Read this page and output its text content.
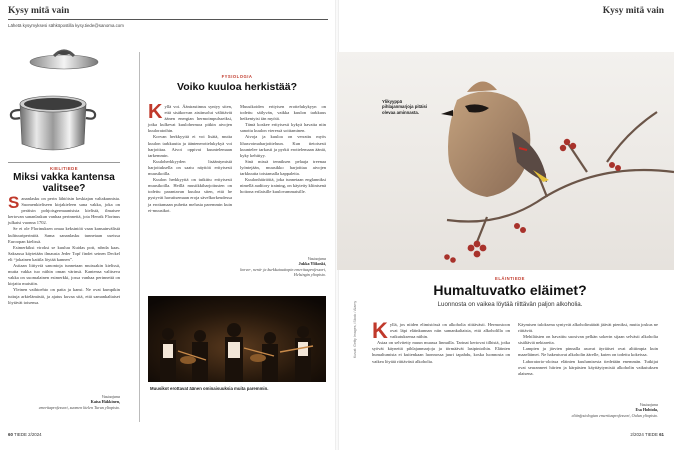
Kysy mitä vain	Kysy mitä vain
Lähetä kysymyksesi sähköpostilla kysy.tiede@sanoma.com
KIELITIEDE
Miksi vakka kantensa valitsee?

Sananlasku on perin lähtöisin keskiajan valtakunnista. Suomenkieliseen kirjakieleen sana vakka, joka on peräisin pohjoisgermaanisista kielistä, ilmaisee kertovan sananlaskun vanhaa perinnettä, jota Henrik Florinus julkaisi vuonna 1702.

Se ei ole Florinuksen omaa keksintöä vaan kansainvälistä kulttuuriperintöä. Sama sananlasku tunnetaan useissa Euroopan kielissä.

Esimerkiksi viroksi se kuuluu Kuidas pott, nõnda kaas. Saksassa käytetään ilmausta Jeder Topf findet seinen Deckel eli “jokainen kattila löytää kannen”.

Astiaan liittyviä sanontoja tunnetaan muissakin kielissä, mutta vakka tuo niihin oman värinsä. Kantensa valitseva vakka on suomalainen esimerkki, jossa vanhaa perinnettä on kirjattu muistiin.

Yleinen vaihtoehto on patta ja kansi. Ne ovat kumpikin tuttuja arkielämästä, ja ajatus kuvaa sitä, että samankaltaiset löytävät toisensa.

Vastaajana
Kaisa Häkkinen,
emeritaprofessori, suomen kielen Turun yliopisto.
FYSIOLOGIA
Voiko kuuloa herkistää?

Kyllä voi. Äänirastimus syntyy siten, että sisäkorvan aistinsolut välittävät äänen energian hermoimpulsseiksi, jotka kulkevat kuulohermoa pitkin aivojen kuuloratoihin.

Korvan herkkyyttä ei voi lisätä, mutta kuulon tarkkuutta ja ääntenerottelukykyä voi harjoittaa. Aivot oppivat kuuntelemaan tarkemmin.

Kuuloherkkyyden lisääntymistä harjoituksella on saatu näyttöä erityisesti muusikoilla.

Kuulon herkkyyttä on tutkittu erityisesti muusikoilla. Heillä musiikkiharjoitusten on todettu parantavan kuuloa siten, että he pystyvät havaitsemaan eroja sävelkorkeudessa ja erottamaan puhetta melusta paremmin kuin ei-muusikot.

Muusikoiden erityisen erottelukykyyn on todettu säilyvän, vaikka kuulon tarkkuus heikentyisi iän myötä.

Tämä koskee erityisesti kykyä havaita niin sanottu kuulon vieressä soittaminen.

Aivoja ja kuuloa on verrattu myös lihasvoimaharjoitteluun. Kun tietoisesti kuuntelee tarkasti ja pyrkii erottelemaan ääniä, kyky kehittyy.

Sinä missä tenniksen pelaaja treenaa lyöntejään, muusikko harjoittaa aivojen tarkkuutta toistamalla kappaleita.

Kuulonhäiriöitä, joka tunnetaan englanniksi nimellä auditory training, on käytetty kliinisenä hoitona erilaisille kuulovammaisille.

Vastaajana
Jukka Ylikoski,
korva-, nenä- ja kurkkutautiopin emeritusprofessori, Helsingin yliopisto.
Muusikot erottavat äänen ominaisuuksia muita paremmin.
60 TIEDE 2/2024
Ylikyyppä pihlajanmarjoja pitäisi olevaa aminnasta.
Kuvat: Getty Images, iStock / Alamy
ELÄINTIEDE
Humaltuvatko eläimet?
Luonnosta on vaikea löytää riittävän paljon alkoholia.

Kyllä, jos niiden elimistössä on alkoholia riittävästi. Hermostoon ovat läpi eläinkunnan niin samankaltaisia, että alkoholilla on vaikutuksensa niihin.

Asiaa on selvitetty muun muassa linnuilla. Tarinat kertovat tilhistä, jotka syövät käyneitä pihlajanmarjoja ja törmäävät lasipintoihin. Eläinten humaltumista ei kuitenkaan luonnossa juuri tapahdu, koska luonnosta on vaikea löytää riittävästi alkoholia.

Käymisen tuloksena syntyvät alkoholimäärät jäävät pieniksi, mutta joskus ne riittävät.

Mehiläisten on havaittu suosivan pelkän sokerin sijaan selvästi alkoholia sisältäviä nektareita.

Lampien ja järvien pinnalla asuvat äyriäiset ovat alttiimpia kuin maaeläimet. Ne hakeutuvat alkoholin äärelle, kuten on todettu kokeissa.

Laboratorio-oloissa eläinten kuulumisesta tiedetään enemmän. Tutkijat ovat seuranneet hiirten ja kärpästen käyttäytymistä alkoholin vaikutuksen alaisena.

Vastaajana
Esa Hohtola,
eläinfysiologian emeritusprofessori, Oulun yliopisto.
2/2024 TIEDE 61
